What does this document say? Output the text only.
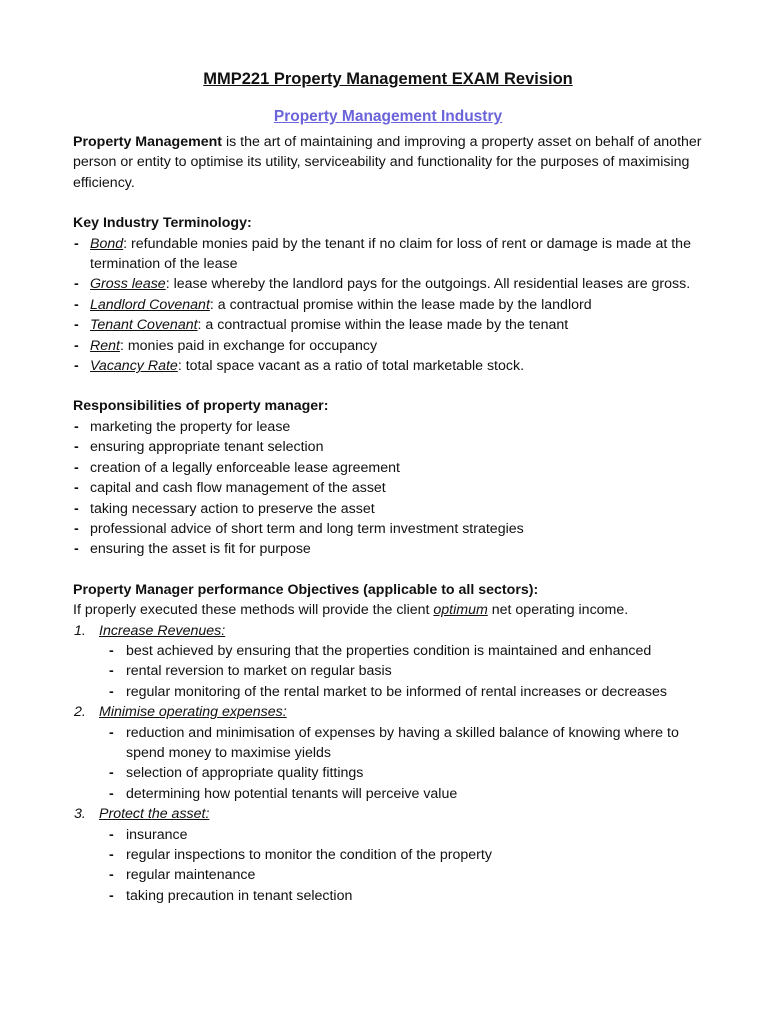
MMP221 Property Management EXAM Revision
Property Management Industry

Property Management is the art of maintaining and improving a property asset on behalf of another person or entity to optimise its utility, serviceability and functionality for the purposes of maximising efficiency.

Key Industry Terminology:

- Bond: refundable monies paid by the tenant if no claim for loss of rent or damage is made at the termination of the lease
- Gross lease: lease whereby the landlord pays for the outgoings. All residential leases are gross.
- Landlord Covenant: a contractual promise within the lease made by the landlord
- Tenant Covenant: a contractual promise within the lease made by the tenant
- Rent: monies paid in exchange for occupancy
- Vacancy Rate: total space vacant as a ratio of total marketable stock.

Responsibilities of property manager:

- marketing the property for lease
- ensuring appropriate tenant selection
- creation of a legally enforceable lease agreement
- capital and cash flow management of the asset
- taking necessary action to preserve the asset
- professional advice of short term and long term investment strategies
- ensuring the asset is fit for purpose

Property Manager performance Objectives (applicable to all sectors):

If properly executed these methods will provide the client optimum net operating income.

1. Increase Revenues:
- best achieved by ensuring that the properties condition is maintained and enhanced
- rental reversion to market on regular basis
- regular monitoring of the rental market to be informed of rental increases or decreases
2. Minimise operating expenses:
- reduction and minimisation of expenses by having a skilled balance of knowing where to spend money to maximise yields
- selection of appropriate quality fittings
- determining how potential tenants will perceive value
3. Protect the asset:
- insurance
- regular inspections to monitor the condition of the property
- regular maintenance
- taking precaution in tenant selection
